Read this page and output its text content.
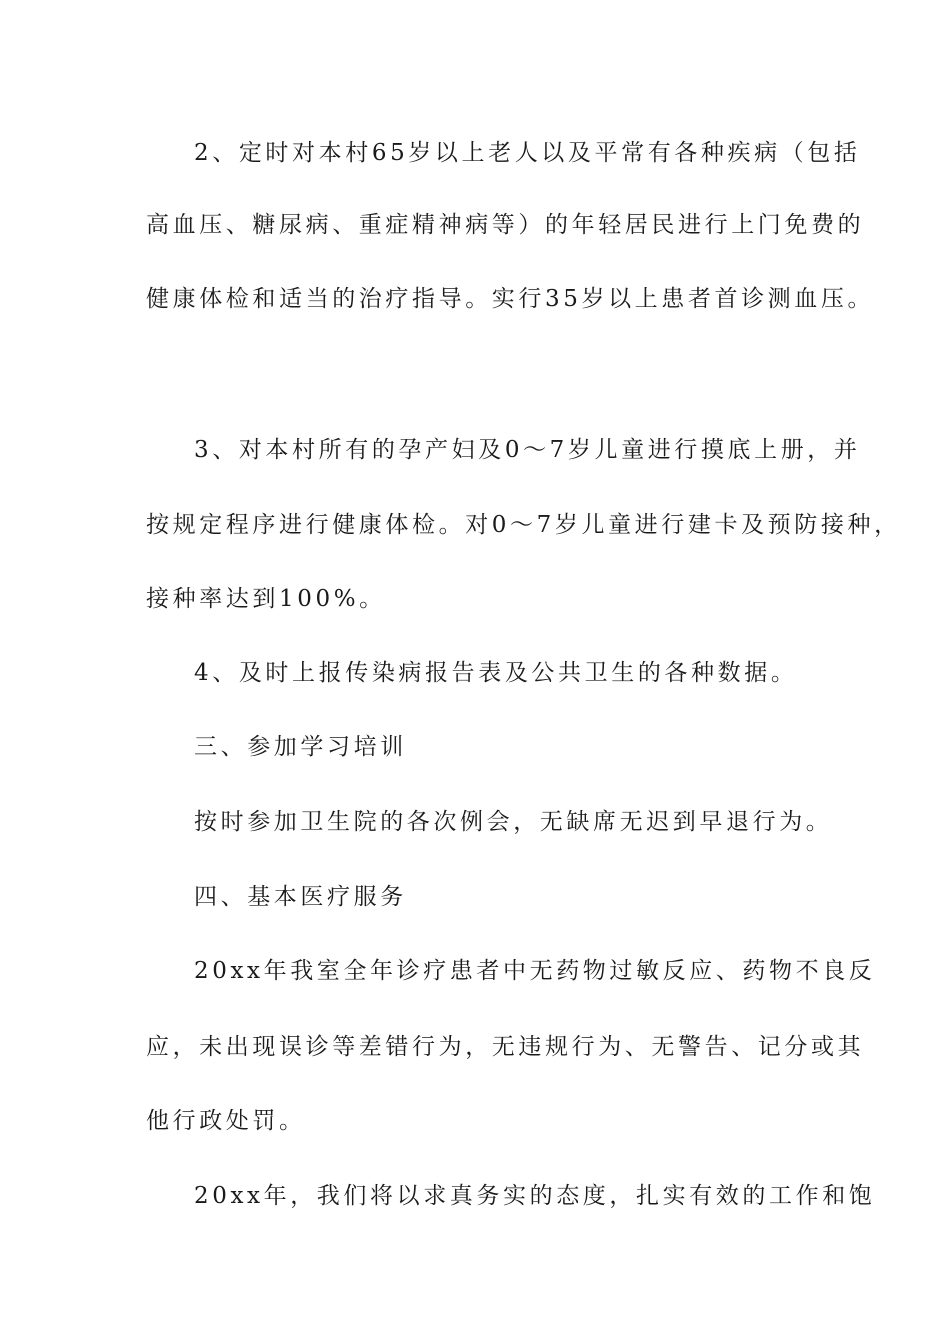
2、定时对本村65岁以上老人以及平常有各种疾病（包括
高血压、糖尿病、重症精神病等）的年轻居民进行上门免费的
健康体检和适当的治疗指导。实行35岁以上患者首诊测血压。
3、对本村所有的孕产妇及0～7岁儿童进行摸底上册，并
按规定程序进行健康体检。对0～7岁儿童进行建卡及预防接种，
接种率达到100%。
4、及时上报传染病报告表及公共卫生的各种数据。
三、参加学习培训
按时参加卫生院的各次例会，无缺席无迟到早退行为。
四、基本医疗服务
20xx年我室全年诊疗患者中无药物过敏反应、药物不良反
应，未出现误诊等差错行为，无违规行为、无警告、记分或其
他行政处罚。
20xx年，我们将以求真务实的态度，扎实有效的工作和饱
